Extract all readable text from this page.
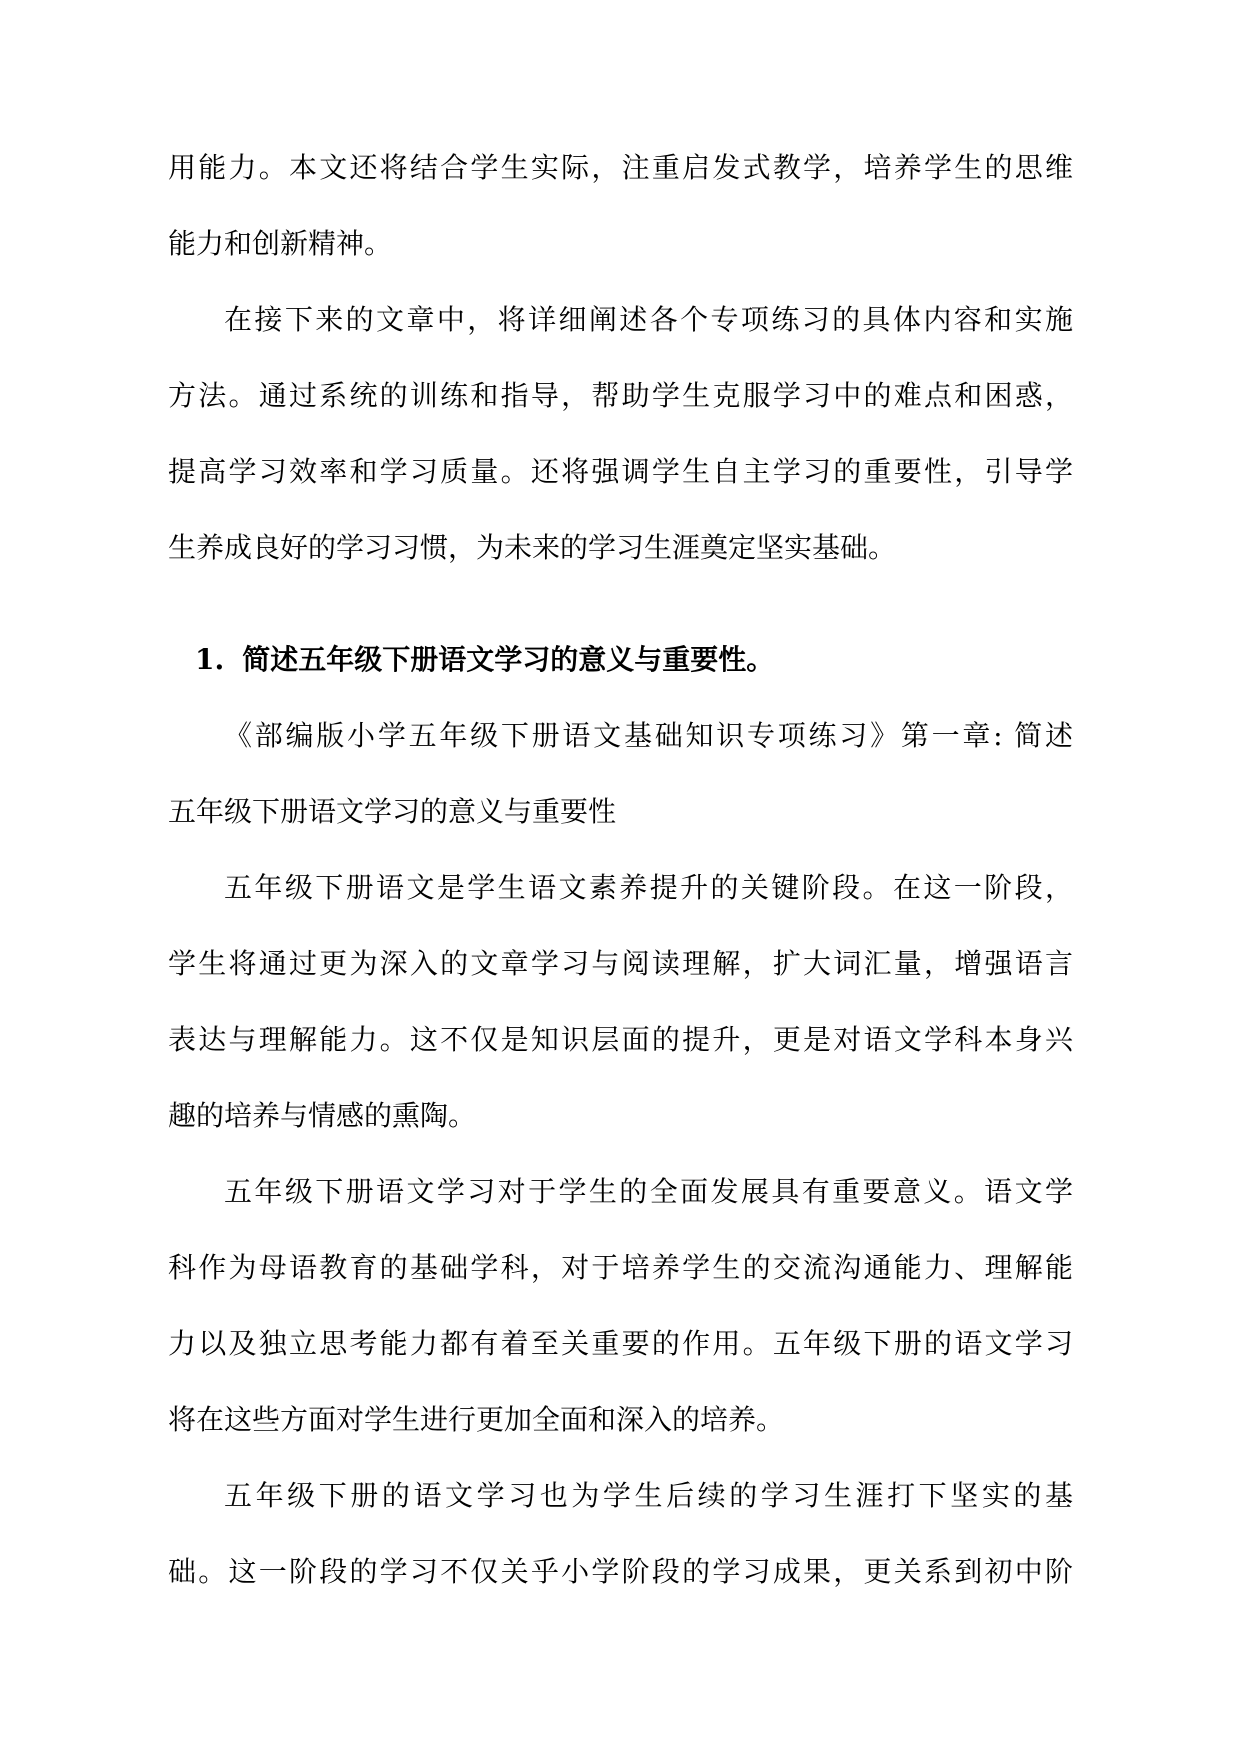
用能力。本文还将结合学生实际，注重启发式教学，培养学生的思维
能力和创新精神。

在接下来的文章中，将详细阐述各个专项练习的具体内容和实施
方法。通过系统的训练和指导，帮助学生克服学习中的难点和困惑，
提高学习效率和学习质量。还将强调学生自主学习的重要性，引导学
生养成良好的学习习惯，为未来的学习生涯奠定坚实基础。

1. 简述五年级下册语文学习的意义与重要性。

《部编版小学五年级下册语文基础知识专项练习》第一章: 简述
五年级下册语文学习的意义与重要性

五年级下册语文是学生语文素养提升的关键阶段。在这一阶段，
学生将通过更为深入的文章学习与阅读理解，扩大词汇量，增强语言
表达与理解能力。这不仅是知识层面的提升，更是对语文学科本身兴
趣的培养与情感的熏陶。

五年级下册语文学习对于学生的全面发展具有重要意义。语文学
科作为母语教育的基础学科，对于培养学生的交流沟通能力、理解能
力以及独立思考能力都有着至关重要的作用。五年级下册的语文学习
将在这些方面对学生进行更加全面和深入的培养。

五年级下册的语文学习也为学生后续的学习生涯打下坚实的基
础。这一阶段的学习不仅关乎小学阶段的学习成果，更关系到初中阶
